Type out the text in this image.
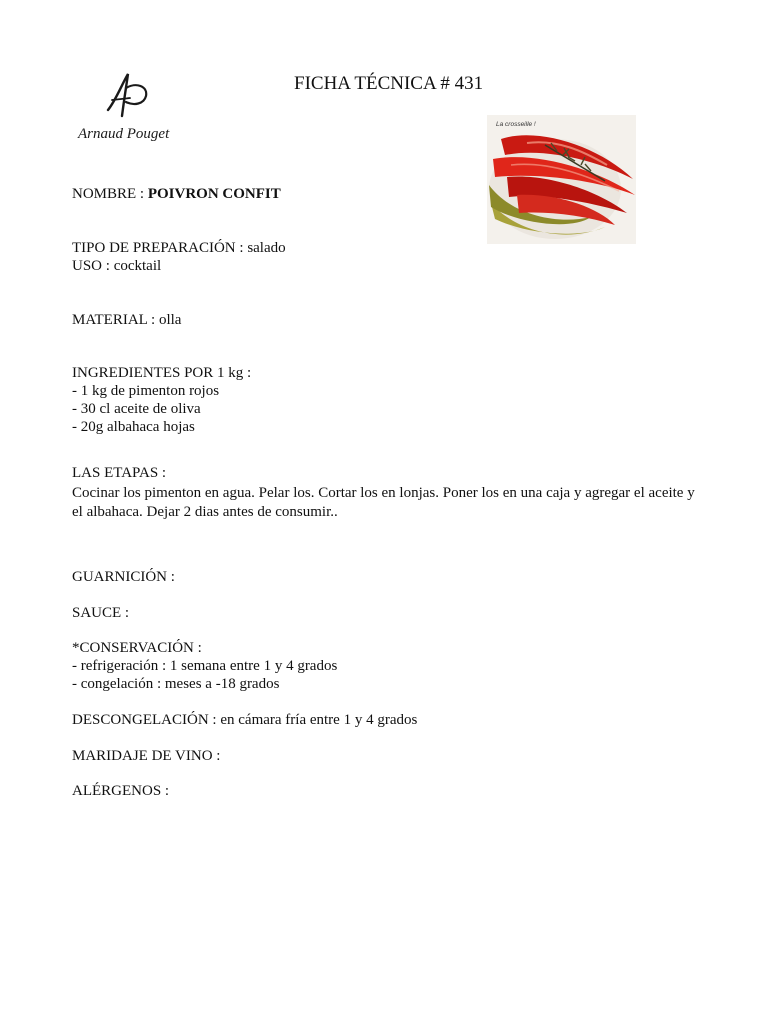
Arnaud Pouget
FICHA TÉCNICA # 431
La crosseille !
NOMBRE : POIVRON CONFIT
TIPO DE PREPARACIÓN : salado
USO : cocktail
MATERIAL : olla
INGREDIENTES POR 1 kg :
- 1 kg de pimenton rojos
- 30 cl aceite de oliva
- 20g albahaca hojas
LAS ETAPAS :
Cocinar los pimenton en agua. Pelar los. Cortar los en lonjas. Poner los en una caja y agregar el aceite y el albahaca. Dejar 2 dias antes de consumir..
GUARNICIÓN :
SAUCE :
*CONSERVACIÓN :
- refrigeración : 1 semana entre 1 y 4 grados
- congelación : meses a -18 grados
DESCONGELACIÓN : en cámara fría entre 1 y 4 grados
MARIDAJE DE VINO :
ALÉRGENOS :
